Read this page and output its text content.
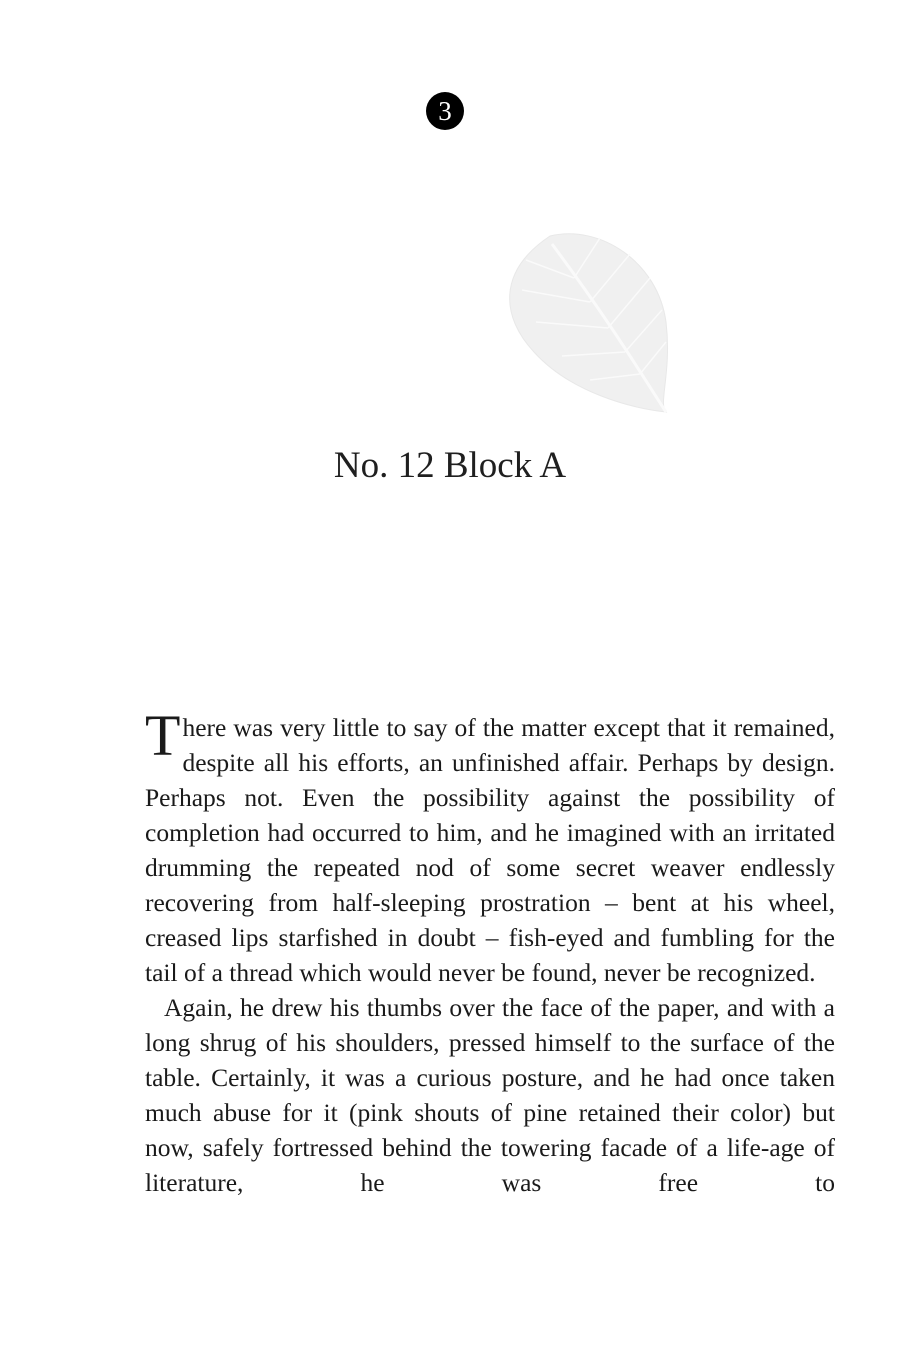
3
No. 12 Block A

There was very little to say of the matter except that it remained, despite all his efforts, an unfinished affair. Perhaps by design. Perhaps not. Even the possibility against the possibility of completion had occurred to him, and he imagined with an irritated drumming the repeated nod of some secret weaver endlessly recovering from half-sleeping prostration – bent at his wheel, creased lips starfished in doubt – fish-eyed and fumbling for the tail of a thread which would never be found, never be recognized.

Again, he drew his thumbs over the face of the paper, and with a long shrug of his shoulders, pressed himself to the surface of the table. Certainly, it was a curious posture, and he had once taken much abuse for it (pink shouts of pine retained their color) but now, safely fortressed behind the towering facade of a life-age of literature, he was free to
